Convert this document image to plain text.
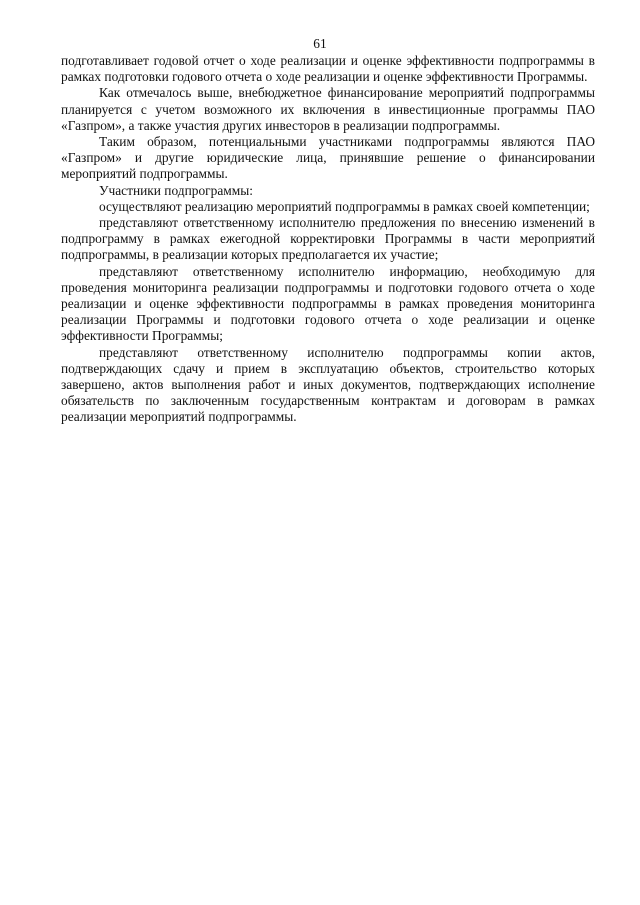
61

подготавливает годовой отчет о ходе реализации и оценке эффективности подпрограммы в рамках подготовки годового отчета о ходе реализации и оценке эффективности Программы.

Как отмечалось выше, внебюджетное финансирование мероприятий подпрограммы планируется с учетом возможного их включения в инвестиционные программы ПАО «Газпром», а также участия других инвесторов в реализации подпрограммы.

Таким образом, потенциальными участниками подпрограммы являются ПАО «Газпром» и другие юридические лица, принявшие решение о финансировании мероприятий подпрограммы.

Участники подпрограммы:

осуществляют реализацию мероприятий подпрограммы в рамках своей компетенции;

представляют ответственному исполнителю предложения по внесению изменений в подпрограмму в рамках ежегодной корректировки Программы в части мероприятий подпрограммы, в реализации которых предполагается их участие;

представляют ответственному исполнителю информацию, необходимую для проведения мониторинга реализации подпрограммы и подготовки годового отчета о ходе реализации и оценке эффективности подпрограммы в рамках проведения мониторинга реализации Программы и подготовки годового отчета о ходе реализации и оценке эффективности Программы;

представляют ответственному исполнителю подпрограммы копии актов, подтверждающих сдачу и прием в эксплуатацию объектов, строительство которых завершено, актов выполнения работ и иных документов, подтверждающих исполнение обязательств по заключенным государственным контрактам и договорам в рамках реализации мероприятий подпрограммы.
